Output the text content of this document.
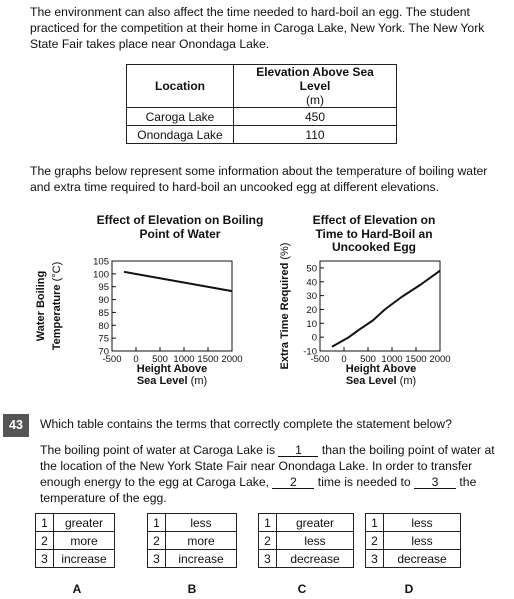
The environment can also affect the time needed to hard-boil an egg. The student practiced for the competition at their home in Caroga Lake, New York. The New York State Fair takes place near Onondaga Lake.
Location	Elevation Above Sea Level
(m)
Caroga Lake	450
Onondaga Lake	110
The graphs below represent some information about the temperature of boiling water and extra time required to hard-boil an uncooked egg at different elevations.
Effect of Elevation on Boiling Point of Water
Effect of Elevation on Time to Hard-Boil an Uncooked Egg
70
75
80
85
90
95
100
105
-500 0 500 1000 1500 2000
Height Above
Sea Level (m)
Water Boiling Temperature (°C)
-10
0
10
20
30
40
50
-500 0 500 1000 1500 2000
Height Above
Sea Level (m)
Extra Time Required (%)
43	Which table contains the terms that correctly complete the statement below?
The boiling point of water at Caroga Lake is 1 than the boiling point of water at the location of the New York State Fair near Onondaga Lake. In order to transfer enough energy to the egg at Caroga Lake, 2 time is needed to 3 the temperature of the egg.
1	greater
2	more
3	increase
1	less
2	more
3	increase
1	greater
2	less
3	decrease
1	less
2	less
3	decrease
A	B	C	D
